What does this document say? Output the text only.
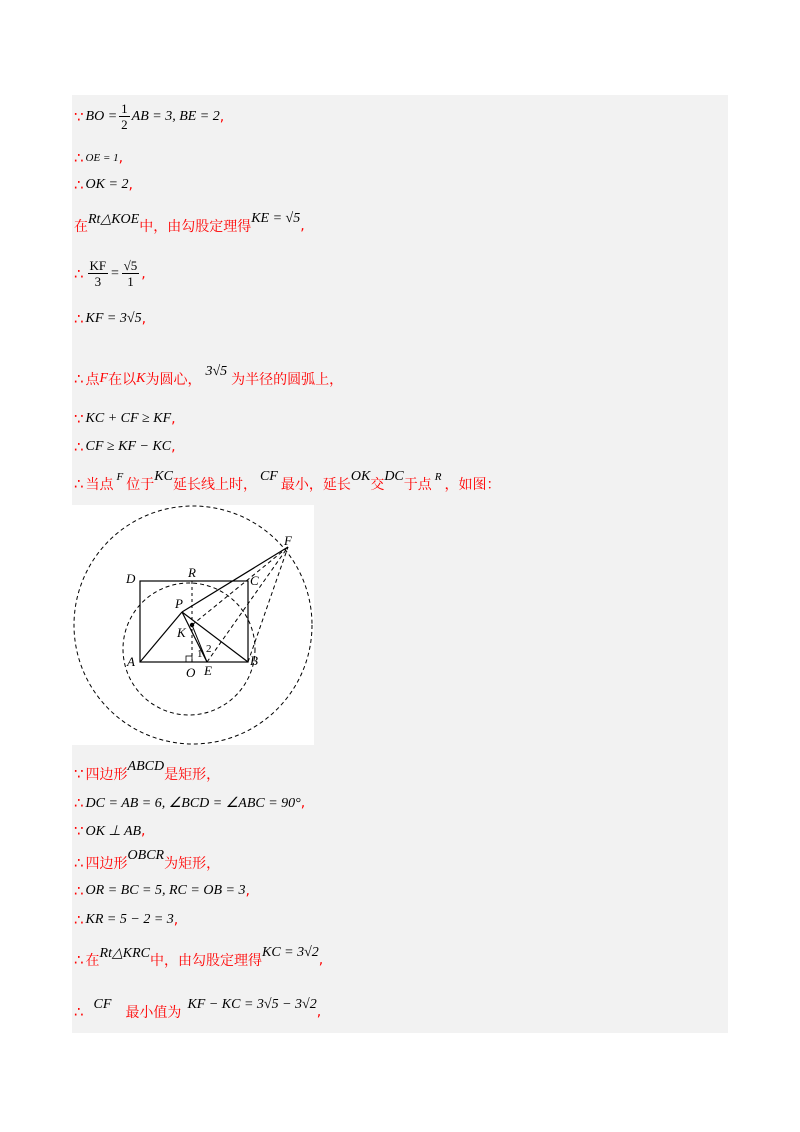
∵ BO = $\frac{1}{2}$ AB = 3, BE = 2 ,
∴ OE = 1 ,
∴ OK = 2 ,
在 Rt△KOE 中，由勾股定理得
KE = √5 ,
∴ $\frac{KF}{3} = \frac{√5}{1}$ ,
∴ KF = 3√5 ,
∴ 点 F 在以 K 为圆心，
3√5
为半径的圆弧上，
∵ KC + CF ≥ KF ,
∴ CF ≥ KF − KC ,
∴ 当点 F 位于
KC
延长线上时，
CF
最小，延长
OK
交
DC
于点 R ，如图：
F
D	R
C
P
K
A	B
O E
1 2
∵ 四边形
ABCD
是矩形，
∴ DC = AB = 6, ∠BCD = ∠ABC = 90° ,
∵ OK ⊥ AB ,
∴ 四边形
OBCR
为矩形，
∴ OR = BC = 5, RC = OB = 3 ,
∴ KR = 5 − 2 = 3 ,
∴ 在 Rt△KRC 中，由勾股定理得
KC = 3√2 ,
∴ CF
最小值为
KF − KC = 3√5 − 3√2 ,
